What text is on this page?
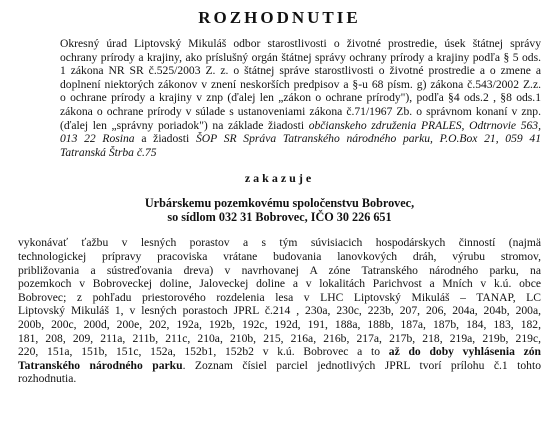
ROZHODNUTIE

Okresný úrad Liptovský Mikuláš odbor starostlivosti o životné prostredie, úsek štátnej správy
ochrany prírody a krajiny, ako príslušný orgán štátnej správy ochrany prírody a krajiny podľa § 5 ods.
1 zákona NR SR č.525/2003 Z. z. o štátnej správe starostlivosti o životné prostredie a o zmene a
doplnení niektorých zákonov v znení neskorších predpisov a §-u 68 písm. g) zákona č.543/2002 Z.z.
o ochrane prírody a krajiny v znp (ďalej len „zákon o ochrane prírody"), podľa §4 ods.2 , §8 ods.1
zákona o ochrane prírody v súlade s ustanoveniami zákona č.71/1967 Zb. o správnom konaní v znp.
(ďalej len „správny poriadok") na základe žiadosti občianskeho združenia PRALES, Odtrnovie 563,
013 22 Rosina a žiadosti ŠOP SR Správa Tatranského národného parku, P.O.Box 21, 059 41
Tatranská Štrba č.75

zakazuje
Urbárskemu pozemkovému spoločenstvu Bobrovec,
so sídlom 032 31 Bobrovec, IČO 30 226 651

vykonávať ťažbu v lesných porastov a s tým súvisiacich hospodárskych činností (najmä
technologickej prípravy pracoviska vrátane budovania lanovkových dráh, výrubu stromov,
približovania a sústreďovania dreva) v navrhovanej A zóne Tatranského národného parku, na
pozemkoch v Bobroveckej doline, Jaloveckej doline a v lokalitách Parichvost a Mních v k.ú. obce
Bobrovec; z pohľadu priestorového rozdelenia lesa v LHC Liptovský Mikuláš – TANAP, LC
Liptovský Mikuláš 1, v lesných porastoch JPRL č.214 , 230a, 230c, 223b, 207, 206, 204a, 204b, 200a,
200b, 200c, 200d, 200e, 202, 192a, 192b, 192c, 192d, 191, 188a, 188b, 187a, 187b, 184, 183, 182,
181, 208, 209, 211a, 211b, 211c, 210a, 210b, 215, 216a, 216b, 217a, 217b, 218, 219a, 219b, 219c,
220, 151a, 151b, 151c, 152a, 152b1, 152b2 v k.ú. Bobrovec a to až do doby vyhlásenia zón
Tatranského národného parku. Zoznam čísiel parciel jednotlivých JPRL tvorí prílohu č.1 tohto
rozhodnutia.
